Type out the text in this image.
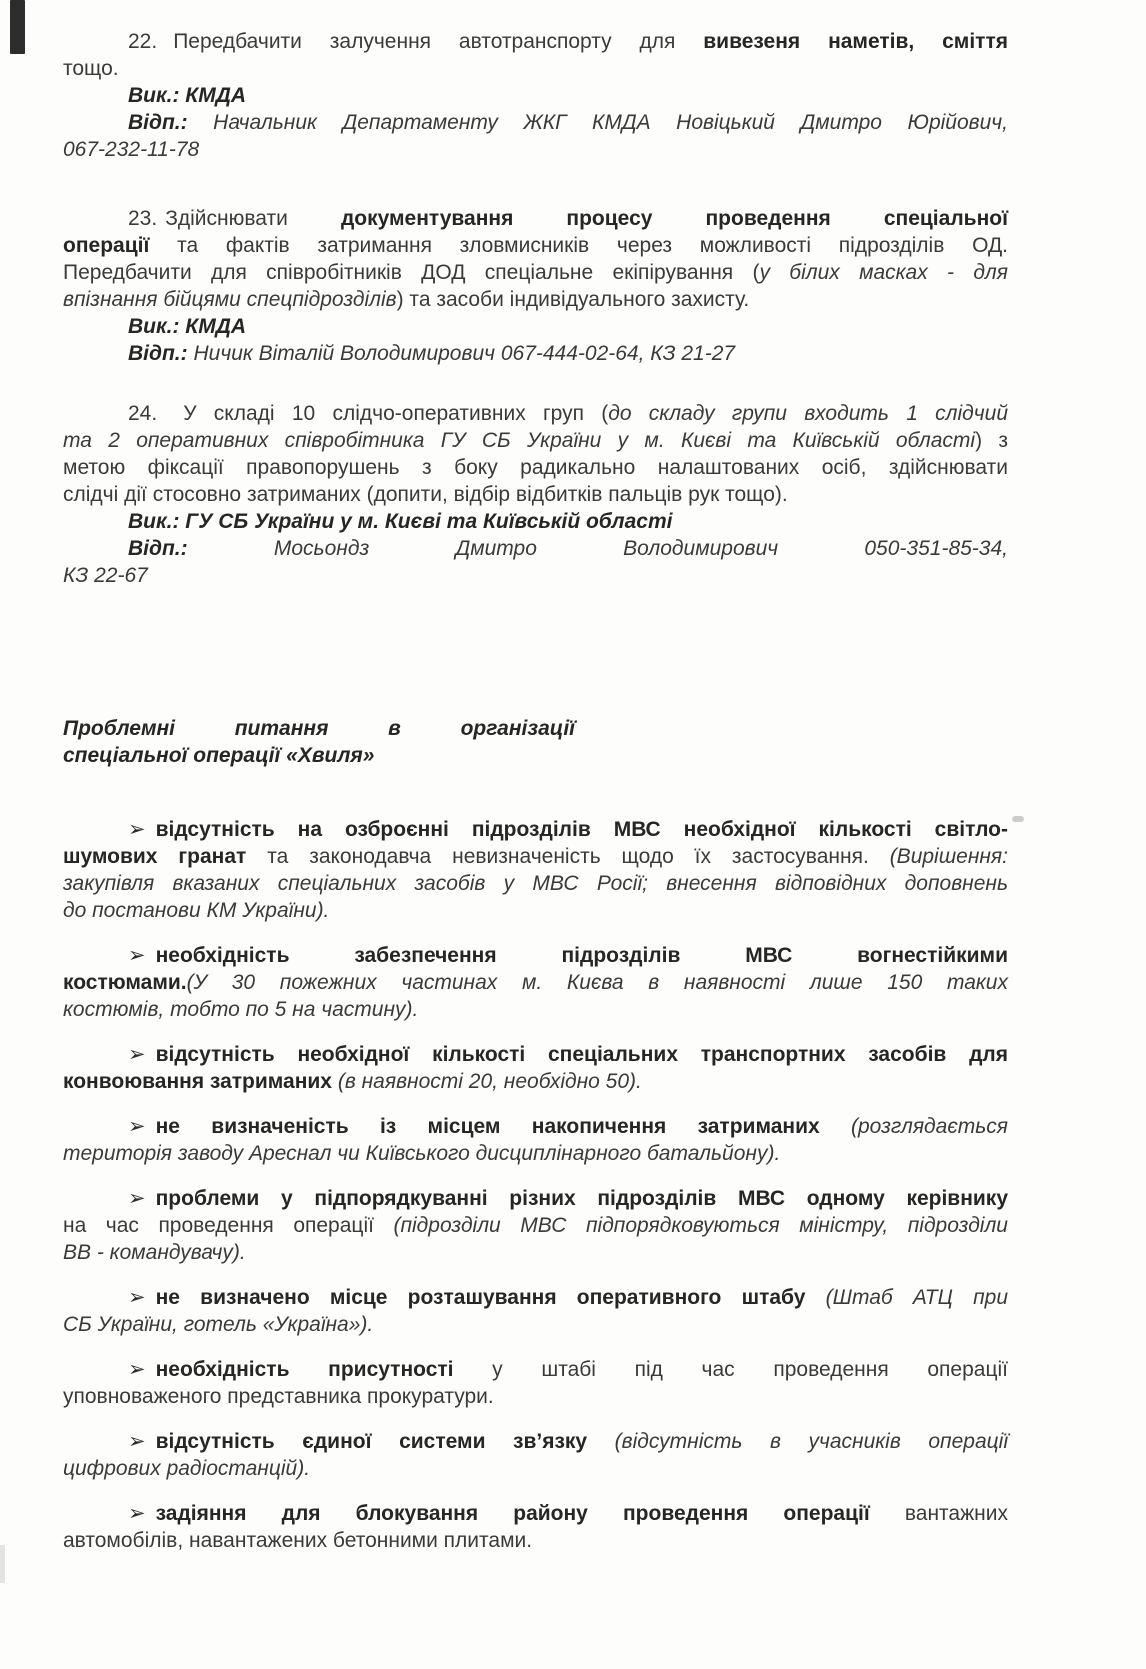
22. Передбачити залучення автотранспорту для вивезеня наметів, сміття
тощо.
Вик.: КМДА
Відп.: Начальник Департаменту ЖКГ КМДА Новіцький Дмитро Юрійович,
067-232-11-78
23. Здійснювати документування процесу проведення спеціальної
операції та фактів затримання зловмисників через можливості підрозділів ОД.
Передбачити для співробітників ДОД спеціальне екіпірування (у білих масках - для
впізнання бійцями спецпідрозділів) та засоби індивідуального захисту.
Вик.: КМДА
Відп.: Ничик Віталій Володимирович 067-444-02-64, КЗ 21-27
24. У складі 10 слідчо-оперативних груп (до складу групи входить 1 слідчий
та 2 оперативних співробітника ГУ СБ України у м. Києві та Київській області) з
метою фіксації правопорушень з боку радикально налаштованих осіб, здійснювати
слідчі дії стосовно затриманих (допити, відбір відбитків пальців рук тощо).
Вик.: ГУ СБ України у м. Києві та Київській області
Відп.: Мосьондз Дмитро Володимирович 050-351-85-34,
КЗ 22-67
Проблемні питання в організації
спеціальної операції «Хвиля»
➢ відсутність на озброєнні підрозділів МВС необхідної кількості світло-
шумових гранат та законодавча невизначеність щодо їх застосування. (Вирішення:
закупівля вказаних спеціальних засобів у МВС Росії; внесення відповідних доповнень
до постанови КМ України).
➢ необхідність забезпечення підрозділів МВС вогнестійкими
костюмами.(У 30 пожежних частинах м. Києва в наявності лише 150 таких
костюмів, тобто по 5 на частину).
➢ відсутність необхідної кількості спеціальних транспортних засобів для
конвоювання затриманих (в наявності 20, необхідно 50).
➢ не визначеність із місцем накопичення затриманих (розглядається
територія заводу Ареснал чи Київського дисциплінарного батальйону).
➢ проблеми у підпорядкуванні різних підрозділів МВС одному керівнику
на час проведення операції (підрозділи МВС підпорядковуються міністру, підрозділи
ВВ - командувачу).
➢ не визначено місце розташування оперативного штабу (Штаб АТЦ при
СБ України, готель «Україна»).
➢ необхідність присутності у штабі під час проведення операції
уповноваженого представника прокуратури.
➢ відсутність єдиної системи зв’язку (відсутність в учасників операції
цифрових радіостанцій).
➢ задіяння для блокування району проведення операції вантажних
автомобілів, навантажених бетонними плитами.
